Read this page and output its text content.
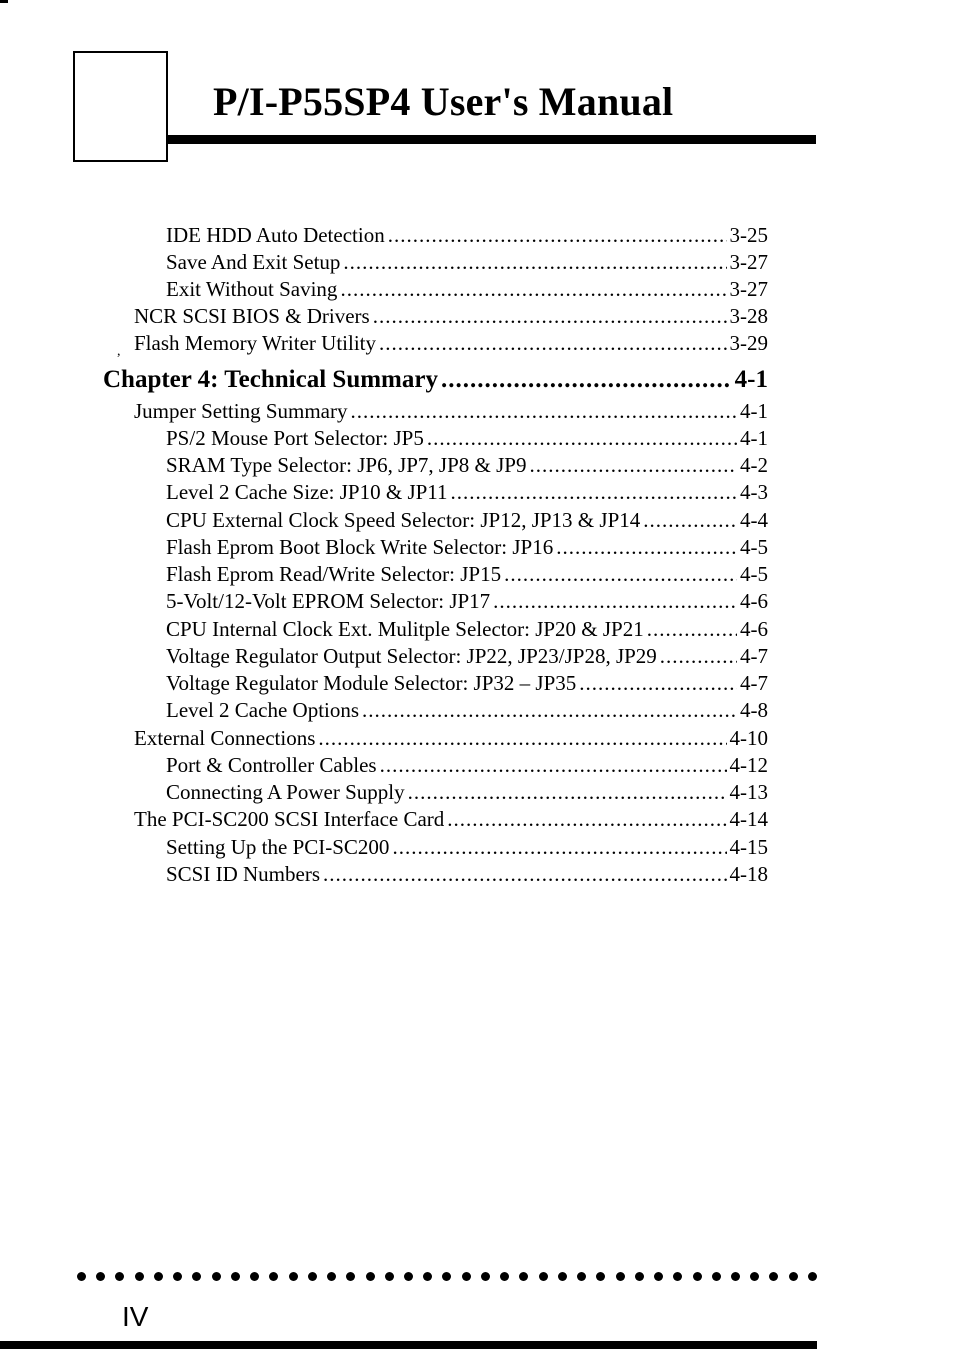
P/I-P55SP4 User's Manual
IDE HDD Auto Detection .....	3-25
Save And Exit Setup .....	3-27
Exit Without Saving .....	3-27
NCR SCSI BIOS & Drivers .....	3-28
Flash Memory Writer Utility .....	3-29
Chapter 4: Technical Summary .....	4-1
Jumper Setting Summary .....	4-1
PS/2 Mouse Port Selector: JP5 .....	4-1
SRAM Type Selector: JP6, JP7, JP8 & JP9 .....	4-2
Level 2 Cache Size: JP10 & JP11 .....	4-3
CPU External Clock Speed Selector: JP12, JP13 & JP14 .....	4-4
Flash Eprom Boot Block Write Selector: JP16 .....	4-5
Flash Eprom Read/Write Selector: JP15 .....	4-5
5-Volt/12-Volt EPROM Selector: JP17 .....	4-6
CPU Internal Clock Ext. Mulitple Selector: JP20 & JP21 .....	4-6
Voltage Regulator Output Selector: JP22, JP23/JP28, JP29 .....	4-7
Voltage Regulator Module Selector: JP32 – JP35 .....	4-7
Level 2 Cache Options .....	4-8
External Connections .....	4-10
Port & Controller Cables .....	4-12
Connecting A Power Supply .....	4-13
The PCI-SC200 SCSI Interface Card .....	4-14
Setting Up the PCI-SC200 .....	4-15
SCSI ID Numbers .....	4-18
,
IV
